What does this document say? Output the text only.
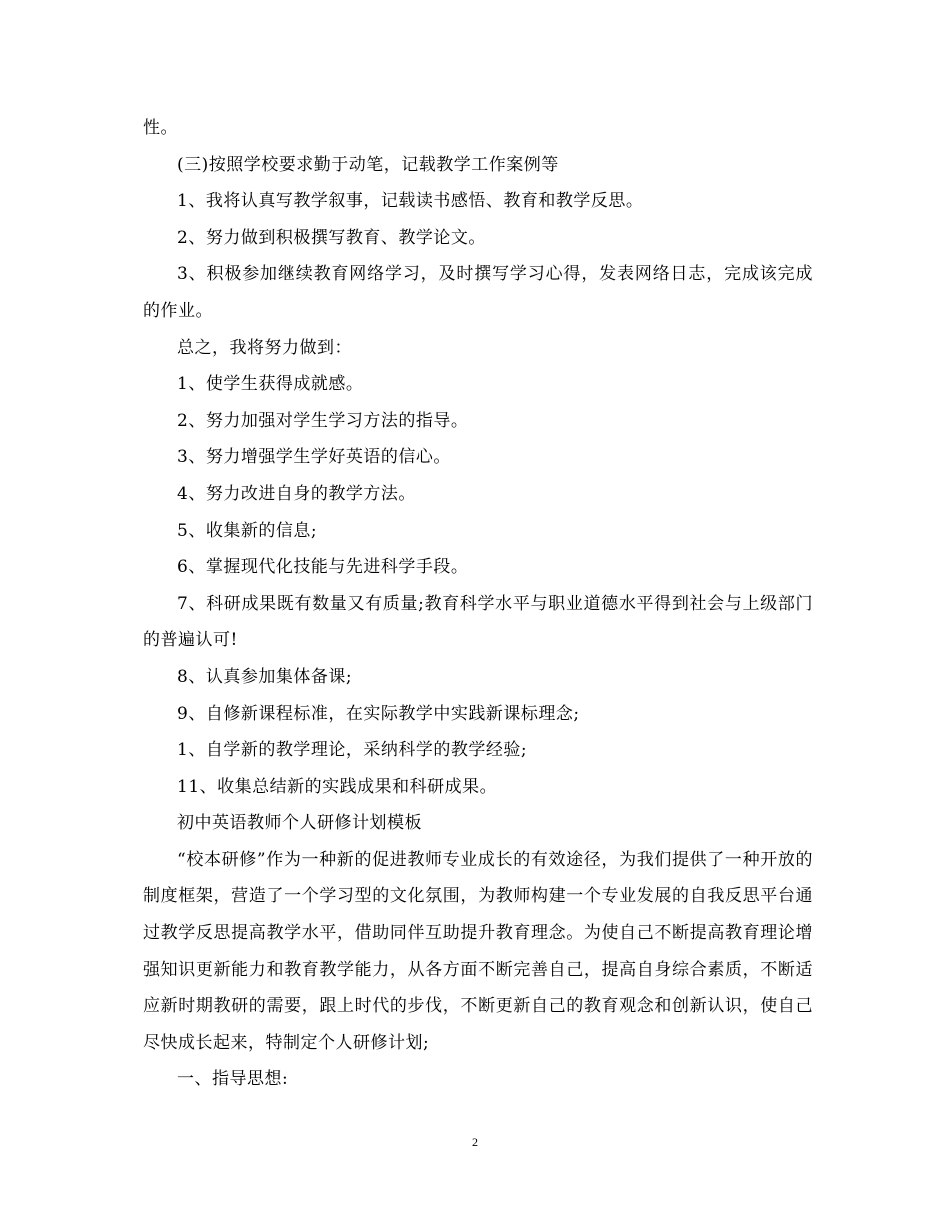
性。

(三)按照学校要求勤于动笔，记载教学工作案例等

1、我将认真写教学叙事，记载读书感悟、教育和教学反思。

2、努力做到积极撰写教育、教学论文。

3、积极参加继续教育网络学习，及时撰写学习心得，发表网络日志，完成该完成的作业。

总之，我将努力做到：

1、使学生获得成就感。

2、努力加强对学生学习方法的指导。

3、努力增强学生学好英语的信心。

4、努力改进自身的教学方法。

5、收集新的信息;

6、掌握现代化技能与先进科学手段。

7、科研成果既有数量又有质量;教育科学水平与职业道德水平得到社会与上级部门的普遍认可!

8、认真参加集体备课;

9、自修新课程标准，在实际教学中实践新课标理念;

1、自学新的教学理论，采纳科学的教学经验;

11、收集总结新的实践成果和科研成果。

初中英语教师个人研修计划模板

“校本研修”作为一种新的促进教师专业成长的有效途径，为我们提供了一种开放的制度框架，营造了一个学习型的文化氛围，为教师构建一个专业发展的自我反思平台通过教学反思提高教学水平，借助同伴互助提升教育理念。为使自己不断提高教育理论增强知识更新能力和教育教学能力，从各方面不断完善自己，提高自身综合素质，不断适应新时期教研的需要，跟上时代的步伐，不断更新自己的教育观念和创新认识，使自己尽快成长起来，特制定个人研修计划;

一、指导思想:

2
